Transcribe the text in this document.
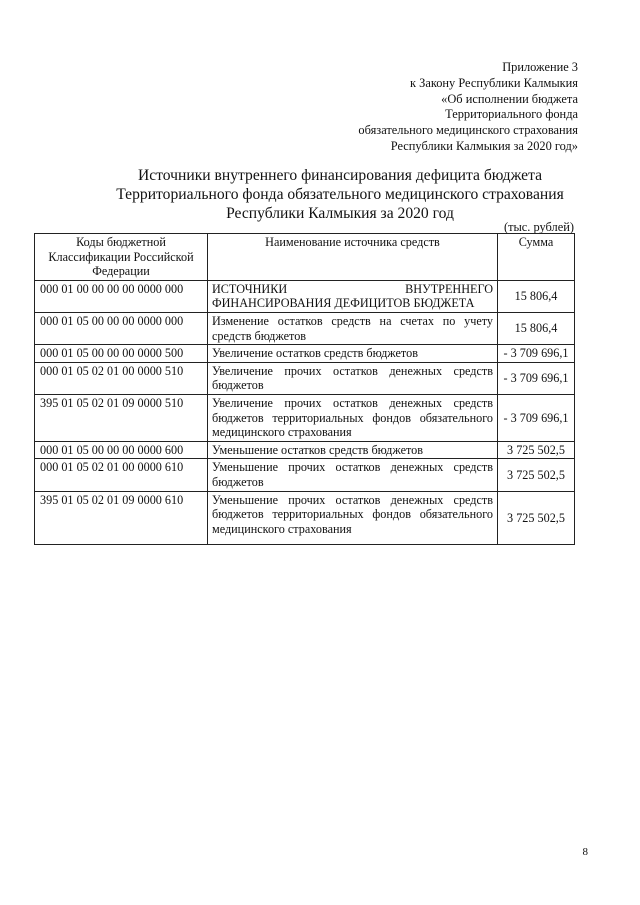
Приложение 3
к Закону Республики Калмыкия
«Об исполнении бюджета
Территориального фонда
обязательного медицинского страхования
Республики Калмыкия за 2020 год»
Источники внутреннего финансирования дефицита бюджета
Территориального фонда обязательного медицинского страхования
Республики Калмыкия за 2020 год
(тыс. рублей)
Коды бюджетной Классификации Российской Федерации	Наименование источника средств	Сумма
000 01 00 00 00 00 0000 000	ИСТОЧНИКИ ВНУТРЕННЕГО ФИНАНСИРОВАНИЯ ДЕФИЦИТОВ БЮДЖЕТА	15 806,4
000 01 05 00 00 00 0000 000	Изменение остатков средств на счетах по учету средств бюджетов	15 806,4
000 01 05 00 00 00 0000 500	Увеличение остатков средств бюджетов	- 3 709 696,1
000 01 05 02 01 00 0000 510	Увеличение прочих остатков денежных средств бюджетов	- 3 709 696,1
395 01 05 02 01 09 0000 510	Увеличение прочих остатков денежных средств бюджетов территориальных фондов обязательного медицинского страхования	- 3 709 696,1
000 01 05 00 00 00 0000 600	Уменьшение остатков средств бюджетов	3 725 502,5
000 01 05 02 01 00 0000 610	Уменьшение прочих остатков денежных средств бюджетов	3 725 502,5
395 01 05 02 01 09 0000 610	Уменьшение прочих остатков денежных средств бюджетов территориальных фондов обязательного медицинского страхования	3 725 502,5
8
